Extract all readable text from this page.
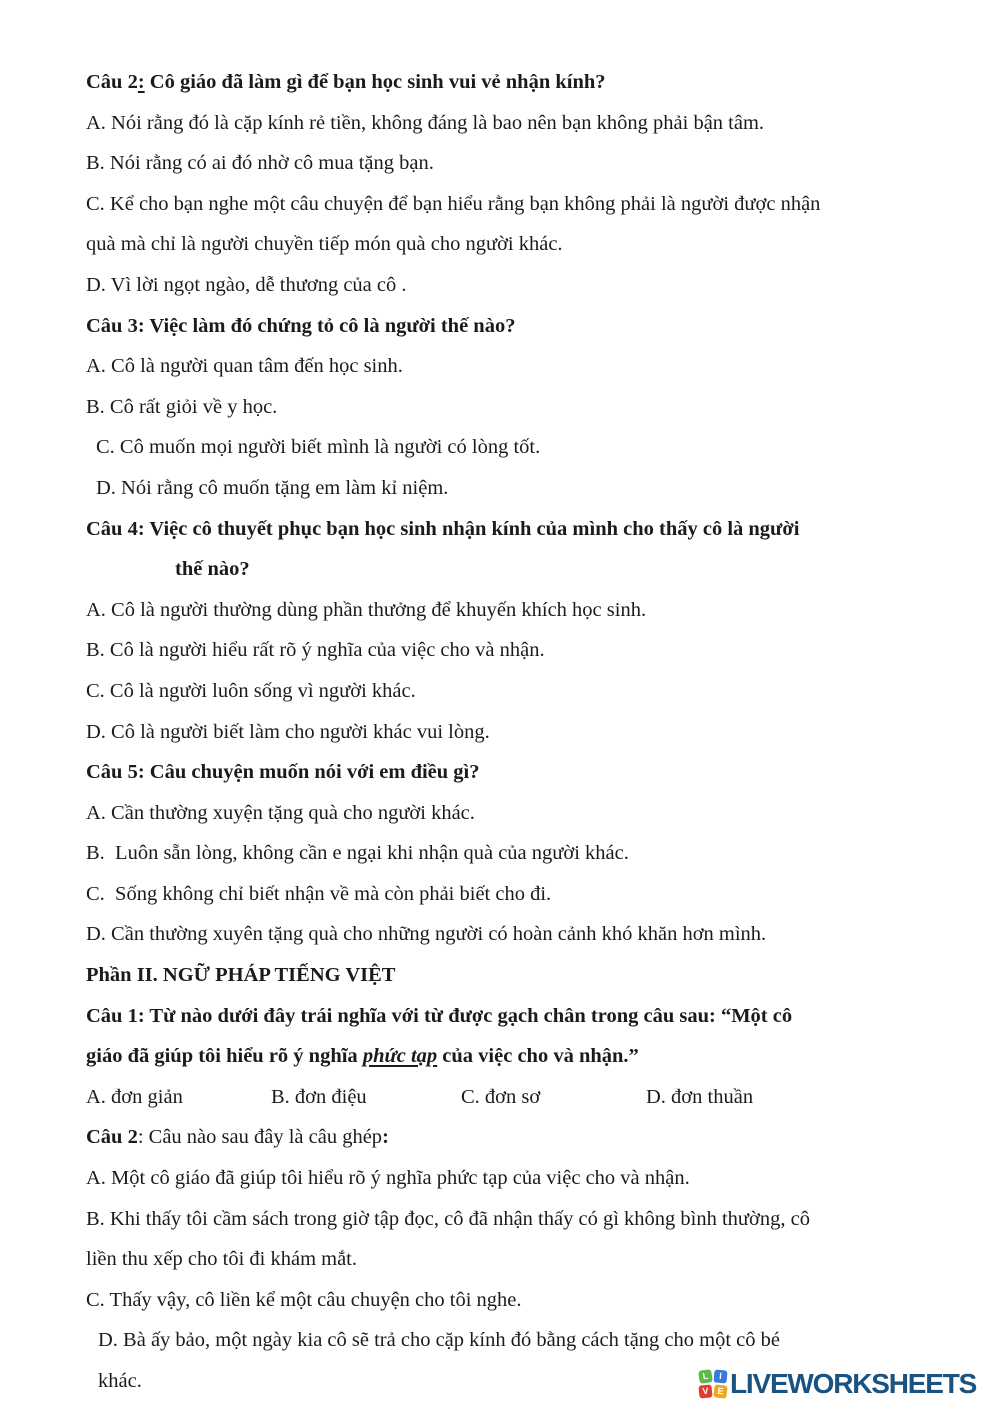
Câu 2: Cô giáo đã làm gì để bạn học sinh vui vẻ nhận kính?
A. Nói rằng đó là cặp kính rẻ tiền, không đáng là bao nên bạn không phải bận tâm.
B. Nói rằng có ai đó nhờ cô mua tặng bạn.
C. Kể cho bạn nghe một câu chuyện để bạn hiểu rằng bạn không phải là người được nhận
quà mà chỉ là người chuyền tiếp món quà cho người khác.
D. Vì lời ngọt ngào, dễ thương của cô .
Câu 3: Việc làm đó chứng tỏ cô là người thế nào?
A. Cô là người quan tâm đến học sinh.
B. Cô rất giỏi về y học.
C. Cô muốn mọi người biết mình là người có lòng tốt.
D. Nói rằng cô muốn tặng em làm kỉ niệm.
Câu 4: Việc cô thuyết phục bạn học sinh nhận kính của mình cho thấy cô là người
thế nào?
A. Cô là người thường dùng phần thưởng để khuyến khích học sinh.
B. Cô là người hiểu rất rõ ý nghĩa của việc cho và nhận.
C. Cô là người luôn sống vì người khác.
D. Cô là người biết làm cho người khác vui lòng.
Câu 5: Câu chuyện muốn nói với em điều gì?
A. Cần thường xuyện tặng quà cho người khác.
B.  Luôn sẵn lòng, không cần e ngại khi nhận quà của người khác.
C.  Sống không chỉ biết nhận về mà còn phải biết cho đi.
D. Cần thường xuyên tặng quà cho những người có hoàn cảnh khó khăn hơn mình.
Phần II. NGỮ PHÁP TIẾNG VIỆT
Câu 1: Từ nào dưới đây trái nghĩa với từ được gạch chân trong câu sau: “Một cô
giáo đã giúp tôi hiểu rõ ý nghĩa phức tạp của việc cho và nhận.”
A. đơn giản	B. đơn điệu	C. đơn sơ	D. đơn thuần
Câu 2: Câu nào sau đây là câu ghép:
A. Một cô giáo đã giúp tôi hiểu rõ ý nghĩa phức tạp của việc cho và nhận.
B. Khi thấy tôi cầm sách trong giờ tập đọc, cô đã nhận thấy có gì không bình thường, cô
liền thu xếp cho tôi đi khám mắt.
C. Thấy vậy, cô liền kể một câu chuyện cho tôi nghe.
D. Bà ấy bảo, một ngày kia cô sẽ trả cho cặp kính đó bằng cách tặng cho một cô bé
khác.	L	I
V E LIVEWORKSHEETS
